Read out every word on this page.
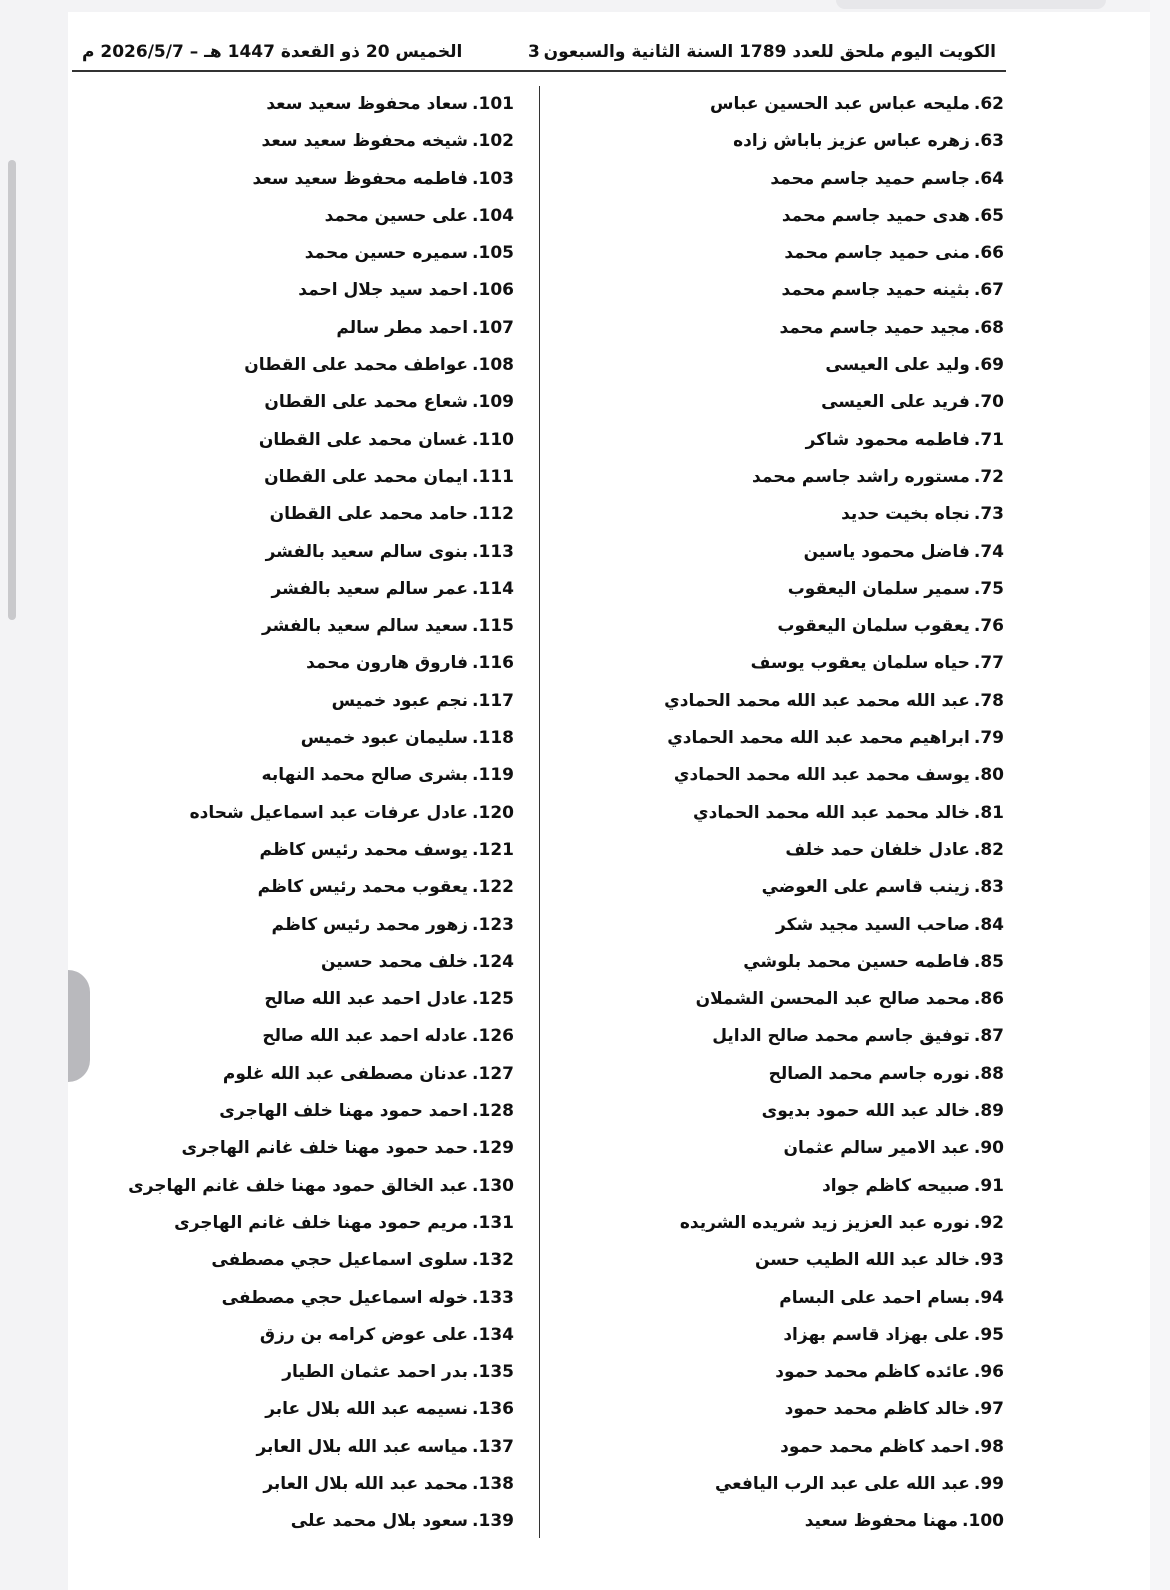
الكويت اليوم ملحق للعدد 1789 السنة الثانية والسبعون
3
الخميس 20 ذو القعدة 1447 هـ – 2026/5/7 م
62.مليحه عباس عبد الحسين عباس
63.زهره عباس عزيز باباش زاده
64.جاسم حميد جاسم محمد
65.هدى حميد جاسم محمد
66.منى حميد جاسم محمد
67.بثينه حميد جاسم محمد
68.مجيد حميد جاسم محمد
69.وليد على العيسى
70.فريد على العيسى
71.فاطمه محمود شاكر
72.مستوره راشد جاسم محمد
73.نجاه بخيت حديد
74.فاضل محمود ياسين
75.سمير سلمان اليعقوب
76.يعقوب سلمان اليعقوب
77.حياه سلمان يعقوب يوسف
78.عبد الله محمد عبد الله محمد الحمادي
79.ابراهيم محمد عبد الله محمد الحمادي
80.يوسف محمد عبد الله محمد الحمادي
81.خالد محمد عبد الله محمد الحمادي
82.عادل خلفان حمد خلف
83.زينب قاسم على العوضي
84.صاحب السيد مجيد شكر
85.فاطمه حسين محمد بلوشي
86.محمد صالح عبد المحسن الشملان
87.توفيق جاسم محمد صالح الدايل
88.نوره جاسم محمد الصالح
89.خالد عبد الله حمود بديوى
90.عبد الامير سالم عثمان
91.صبيحه كاظم جواد
92.نوره عبد العزيز زيد شريده الشريده
93.خالد عبد الله الطيب حسن
94.بسام احمد على البسام
95.على بهزاد قاسم بهزاد
96.عائده كاظم محمد حمود
97.خالد كاظم محمد حمود
98.احمد كاظم محمد حمود
99.عبد الله على عبد الرب اليافعي
100.مهنا محفوظ سعيد
101.سعاد محفوظ سعيد سعد
102.شيخه محفوظ سعيد سعد
103.فاطمه محفوظ سعيد سعد
104.على حسين محمد
105.سميره حسين محمد
106.احمد سيد جلال احمد
107.احمد مطر سالم
108.عواطف محمد على القطان
109.شعاع محمد على القطان
110.غسان محمد على القطان
111.ايمان محمد على القطان
112.حامد محمد على القطان
113.بنوى سالم سعيد بالفشر
114.عمر سالم سعيد بالفشر
115.سعيد سالم سعيد بالفشر
116.فاروق هارون محمد
117.نجم عبود خميس
118.سليمان عبود خميس
119.بشرى صالح محمد النهابه
120.عادل عرفات عبد اسماعيل شحاده
121.يوسف محمد رئيس كاظم
122.يعقوب محمد رئيس كاظم
123.زهور محمد رئيس كاظم
124.خلف محمد حسين
125.عادل احمد عبد الله صالح
126.عادله احمد عبد الله صالح
127.عدنان مصطفى عبد الله غلوم
128.احمد حمود مهنا خلف الهاجرى
129.حمد حمود مهنا خلف غانم الهاجرى
130.عبد الخالق حمود مهنا خلف غانم الهاجرى
131.مريم حمود مهنا خلف غانم الهاجرى
132.سلوى اسماعيل حجي مصطفى
133.خوله اسماعيل حجي مصطفى
134.على عوض كرامه بن رزق
135.بدر احمد عثمان الطيار
136.نسيمه عبد الله بلال عابر
137.مياسه عبد الله بلال العابر
138.محمد عبد الله بلال العابر
139.سعود بلال محمد على
